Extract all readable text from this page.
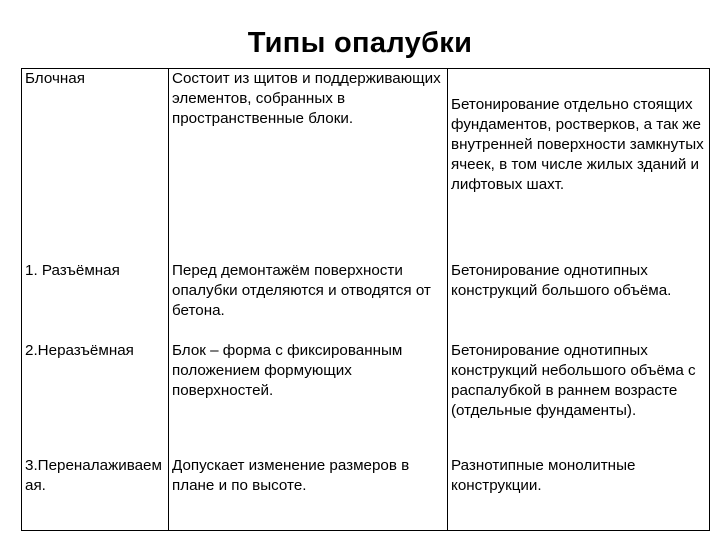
Типы опалубки
Блочная	Состоит из щитов и поддерживающих элементов, собранных в пространственные блоки.	Бетонирование отдельно стоящих фундаментов, ростверков, а так же внутренней поверхности замкнутых ячеек, в том числе жилых зданий и лифтовых шахт.
1. Разъёмная	Перед демонтажём поверхности опалубки отделяются и отводятся от бетона.	Бетонирование однотипных конструкций большого объёма.
2.Неразъёмная	Блок – форма с фиксированным положением формующих поверхностей.	Бетонирование однотипных конструкций небольшого объёма с распалубкой в раннем возрасте (отдельные фундаменты).
3.Переналаживаемая.	Допускает изменение размеров в плане и по высоте.	Разнотипные монолитные конструкции.
